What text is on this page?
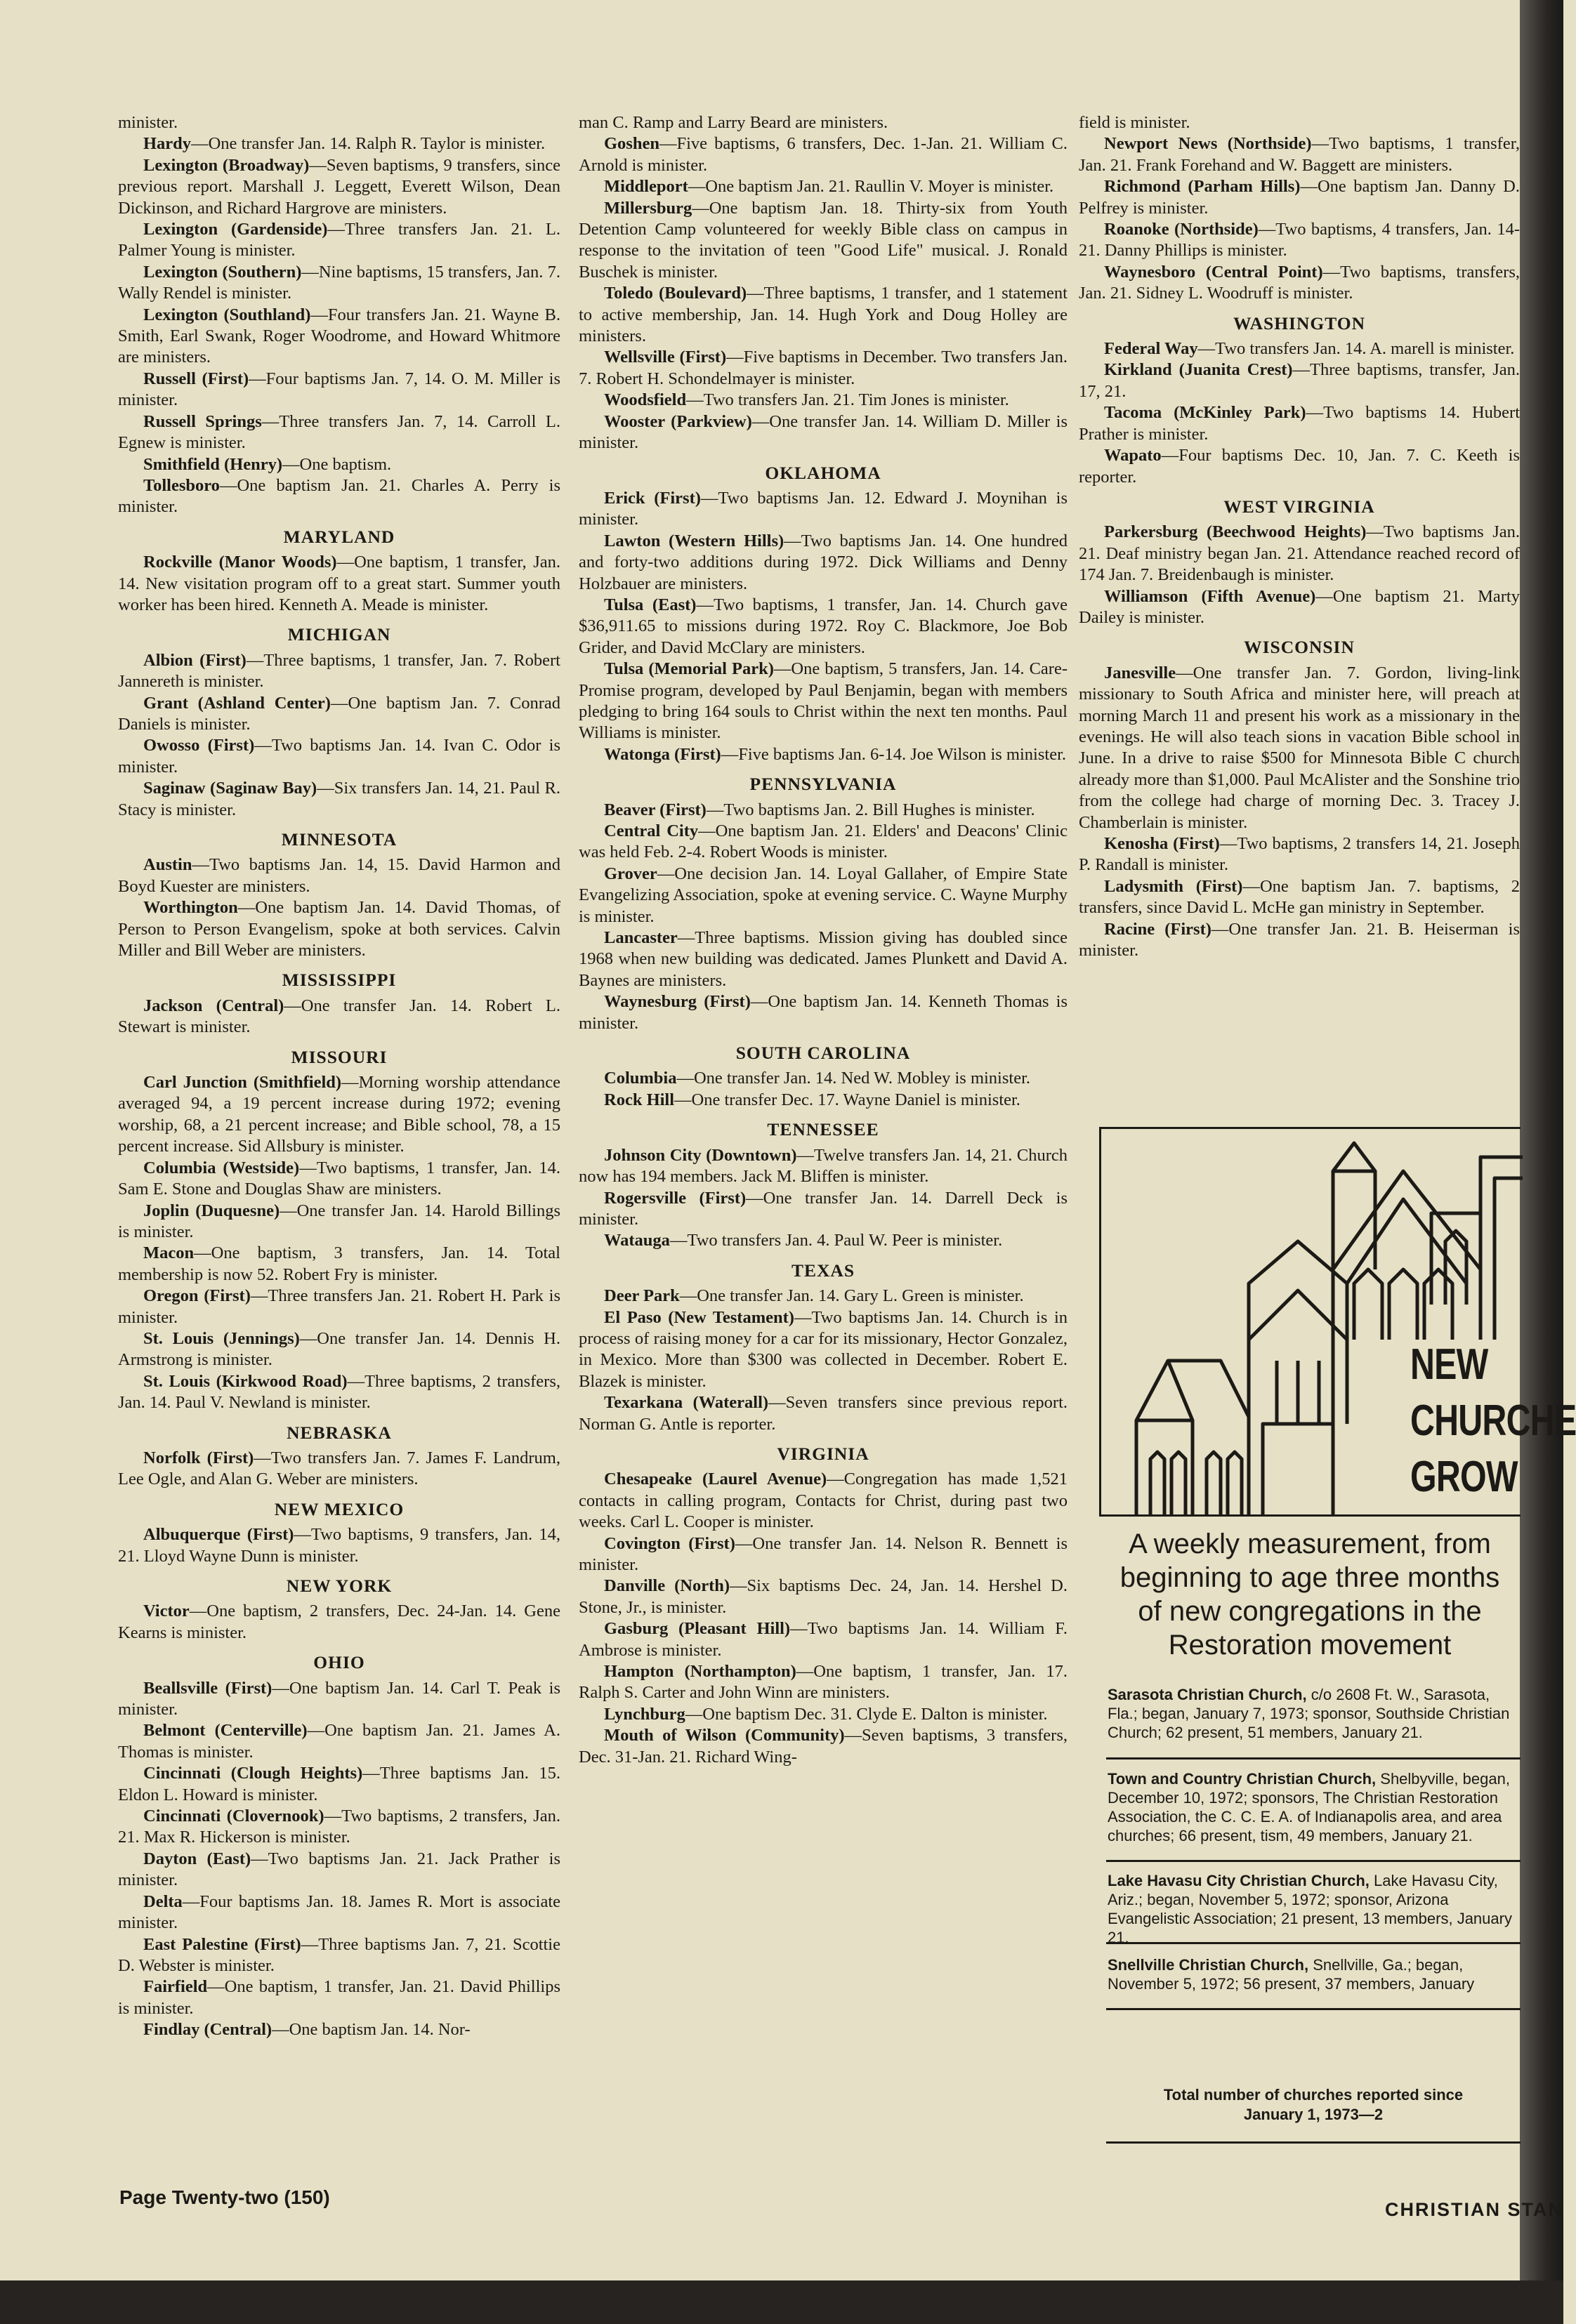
minister.

Hardy—One transfer Jan. 14. Ralph R. Taylor is minister.

Lexington (Broadway)—Seven baptisms, 9 transfers, since previous report. Marshall J. Leggett, Everett Wilson, Dean Dickinson, and Richard Hargrove are ministers.

Lexington (Gardenside)—Three transfers Jan. 21. L. Palmer Young is minister.

Lexington (Southern)—Nine baptisms, 15 transfers, Jan. 7. Wally Rendel is minister.

Lexington (Southland)—Four transfers Jan. 21. Wayne B. Smith, Earl Swank, Roger Woodrome, and Howard Whitmore are ministers.

Russell (First)—Four baptisms Jan. 7, 14. O. M. Miller is minister.

Russell Springs—Three transfers Jan. 7, 14. Carroll L. Egnew is minister.

Smithfield (Henry)—One baptism.

Tollesboro—One baptism Jan. 21. Charles A. Perry is minister.

MARYLAND

Rockville (Manor Woods)—One baptism, 1 transfer, Jan. 14. New visitation program off to a great start. Summer youth worker has been hired. Kenneth A. Meade is minister.

MICHIGAN

Albion (First)—Three baptisms, 1 transfer, Jan. 7. Robert Jannereth is minister.

Grant (Ashland Center)—One baptism Jan. 7. Conrad Daniels is minister.

Owosso (First)—Two baptisms Jan. 14. Ivan C. Odor is minister.

Saginaw (Saginaw Bay)—Six transfers Jan. 14, 21. Paul R. Stacy is minister.

MINNESOTA

Austin—Two baptisms Jan. 14, 15. David Harmon and Boyd Kuester are ministers.

Worthington—One baptism Jan. 14. David Thomas, of Person to Person Evangelism, spoke at both services. Calvin Miller and Bill Weber are ministers.

MISSISSIPPI

Jackson (Central)—One transfer Jan. 14. Robert L. Stewart is minister.

MISSOURI

Carl Junction (Smithfield)—Morning worship attendance averaged 94, a 19 percent increase during 1972; evening worship, 68, a 21 percent increase; and Bible school, 78, a 15 percent increase. Sid Allsbury is minister.

Columbia (Westside)—Two baptisms, 1 transfer, Jan. 14. Sam E. Stone and Douglas Shaw are ministers.

Joplin (Duquesne)—One transfer Jan. 14. Harold Billings is minister.

Macon—One baptism, 3 transfers, Jan. 14. Total membership is now 52. Robert Fry is minister.

Oregon (First)—Three transfers Jan. 21. Robert H. Park is minister.

St. Louis (Jennings)—One transfer Jan. 14. Dennis H. Armstrong is minister.

St. Louis (Kirkwood Road)—Three baptisms, 2 transfers, Jan. 14. Paul V. Newland is minister.

NEBRASKA

Norfolk (First)—Two transfers Jan. 7. James F. Landrum, Lee Ogle, and Alan G. Weber are ministers.

NEW MEXICO

Albuquerque (First)—Two baptisms, 9 transfers, Jan. 14, 21. Lloyd Wayne Dunn is minister.

NEW YORK

Victor—One baptism, 2 transfers, Dec. 24-Jan. 14. Gene Kearns is minister.

OHIO

Beallsville (First)—One baptism Jan. 14. Carl T. Peak is minister.

Belmont (Centerville)—One baptism Jan. 21. James A. Thomas is minister.

Cincinnati (Clough Heights)—Three baptisms Jan. 15. Eldon L. Howard is minister.

Cincinnati (Clovernook)—Two baptisms, 2 transfers, Jan. 21. Max R. Hickerson is minister.

Dayton (East)—Two baptisms Jan. 21. Jack Prather is minister.

Delta—Four baptisms Jan. 18. James R. Mort is associate minister.

East Palestine (First)—Three baptisms Jan. 7, 21. Scottie D. Webster is minister.

Fairfield—One baptism, 1 transfer, Jan. 21. David Phillips is minister.

Findlay (Central)—One baptism Jan. 14. Nor-

man C. Ramp and Larry Beard are ministers.

Goshen—Five baptisms, 6 transfers, Dec. 1-Jan. 21. William C. Arnold is minister.

Middleport—One baptism Jan. 21. Raullin V. Moyer is minister.

Millersburg—One baptism Jan. 18. Thirty-six from Youth Detention Camp volunteered for weekly Bible class on campus in response to the invitation of teen "Good Life" musical. J. Ronald Buschek is minister.

Toledo (Boulevard)—Three baptisms, 1 transfer, and 1 statement to active membership, Jan. 14. Hugh York and Doug Holley are ministers.

Wellsville (First)—Five baptisms in December. Two transfers Jan. 7. Robert H. Schondelmayer is minister.

Woodsfield—Two transfers Jan. 21. Tim Jones is minister.

Wooster (Parkview)—One transfer Jan. 14. William D. Miller is minister.

OKLAHOMA

Erick (First)—Two baptisms Jan. 12. Edward J. Moynihan is minister.

Lawton (Western Hills)—Two baptisms Jan. 14. One hundred and forty-two additions during 1972. Dick Williams and Denny Holzbauer are ministers.

Tulsa (East)—Two baptisms, 1 transfer, Jan. 14. Church gave $36,911.65 to missions during 1972. Roy C. Blackmore, Joe Bob Grider, and David McClary are ministers.

Tulsa (Memorial Park)—One baptism, 5 transfers, Jan. 14. Care-Promise program, developed by Paul Benjamin, began with members pledging to bring 164 souls to Christ within the next ten months. Paul Williams is minister.

Watonga (First)—Five baptisms Jan. 6-14. Joe Wilson is minister.

PENNSYLVANIA

Beaver (First)—Two baptisms Jan. 2. Bill Hughes is minister.

Central City—One baptism Jan. 21. Elders' and Deacons' Clinic was held Feb. 2-4. Robert Woods is minister.

Grover—One decision Jan. 14. Loyal Gallaher, of Empire State Evangelizing Association, spoke at evening service. C. Wayne Murphy is minister.

Lancaster—Three baptisms. Mission giving has doubled since 1968 when new building was dedicated. James Plunkett and David A. Baynes are ministers.

Waynesburg (First)—One baptism Jan. 14. Kenneth Thomas is minister.

SOUTH CAROLINA

Columbia—One transfer Jan. 14. Ned W. Mobley is minister.

Rock Hill—One transfer Dec. 17. Wayne Daniel is minister.

TENNESSEE

Johnson City (Downtown)—Twelve transfers Jan. 14, 21. Church now has 194 members. Jack M. Bliffen is minister.

Rogersville (First)—One transfer Jan. 14. Darrell Deck is minister.

Watauga—Two transfers Jan. 4. Paul W. Peer is minister.

TEXAS

Deer Park—One transfer Jan. 14. Gary L. Green is minister.

El Paso (New Testament)—Two baptisms Jan. 14. Church is in process of raising money for a car for its missionary, Hector Gonzalez, in Mexico. More than $300 was collected in December. Robert E. Blazek is minister.

Texarkana (Waterall)—Seven transfers since previous report. Norman G. Antle is reporter.

VIRGINIA

Chesapeake (Laurel Avenue)—Congregation has made 1,521 contacts in calling program, Contacts for Christ, during past two weeks. Carl L. Cooper is minister.

Covington (First)—One transfer Jan. 14. Nelson R. Bennett is minister.

Danville (North)—Six baptisms Dec. 24, Jan. 14. Hershel D. Stone, Jr., is minister.

Gasburg (Pleasant Hill)—Two baptisms Jan. 14. William F. Ambrose is minister.

Hampton (Northampton)—One baptism, 1 transfer, Jan. 17. Ralph S. Carter and John Winn are ministers.

Lynchburg—One baptism Dec. 31. Clyde E. Dalton is minister.

Mouth of Wilson (Community)—Seven baptisms, 3 transfers, Dec. 31-Jan. 21. Richard Wing-

field is minister.

Newport News (Northside)—Two baptisms, 1 transfer, Jan. 21. Frank Forehand and W. Baggett are ministers.

Richmond (Parham Hills)—One baptism Jan. Danny D. Pelfrey is minister.

Roanoke (Northside)—Two baptisms, 4 transfers, Jan. 14-21. Danny Phillips is minister.

Waynesboro (Central Point)—Two baptisms, transfers, Jan. 21. Sidney L. Woodruff is minister.

WASHINGTON

Federal Way—Two transfers Jan. 14. A. marell is minister.

Kirkland (Juanita Crest)—Three baptisms, transfer, Jan. 17, 21.

Tacoma (McKinley Park)—Two baptisms 14. Hubert Prather is minister.

Wapato—Four baptisms Dec. 10, Jan. 7. C. Keeth is reporter.

WEST VIRGINIA

Parkersburg (Beechwood Heights)—Two baptisms Jan. 21. Deaf ministry began Jan. 21. Attendance reached record of 174 Jan. 7. Breidenbaugh is minister.

Williamson (Fifth Avenue)—One baptism 21. Marty Dailey is minister.

WISCONSIN

Janesville—One transfer Jan. 7. Gordon, living-link missionary to South Africa and minister here, will preach at morning March 11 and present his work as a missionary in the evenings. He will also teach sions in vacation Bible school in June. In a drive to raise $500 for Minnesota Bible C church already more than $1,000. Paul McAlister and the Sonshine trio from the college had charge of morning Dec. 3. Tracey J. Chamberlain is minister.

Kenosha (First)—Two baptisms, 2 transfers 14, 21. Joseph P. Randall is minister.

Ladysmith (First)—One baptism Jan. 7. baptisms, 2 transfers, since David L. McHe gan ministry in September.

Racine (First)—One transfer Jan. 21. B. Heiserman is minister.

NEW
CHURCHE
GROW
A weekly measurement, from
beginning to age three months
of new congregations in the
Restoration movement
Sarasota Christian Church, c/o 2608 Ft. W., Sarasota, Fla.; began, January 7, 1973; sponsor, Southside Christian Church; 62 present, 51 members, January 21.
Town and Country Christian Church, Shelbyville, began, December 10, 1972; sponsors, The Christian Restoration Association, the C. C. E. A. of Indianapolis area, and area churches; 66 present, tism, 49 members, January 21.
Lake Havasu City Christian Church, Lake Havasu City, Ariz.; began, November 5, 1972; sponsor, Arizona Evangelistic Association; 21 present, 13 members, January 21.
Snellville Christian Church, Snellville, Ga.; began, November 5, 1972; 56 present, 37 members, January
Total number of churches reported since January 1, 1973—2
Page Twenty-two (150)
CHRISTIAN STAN
